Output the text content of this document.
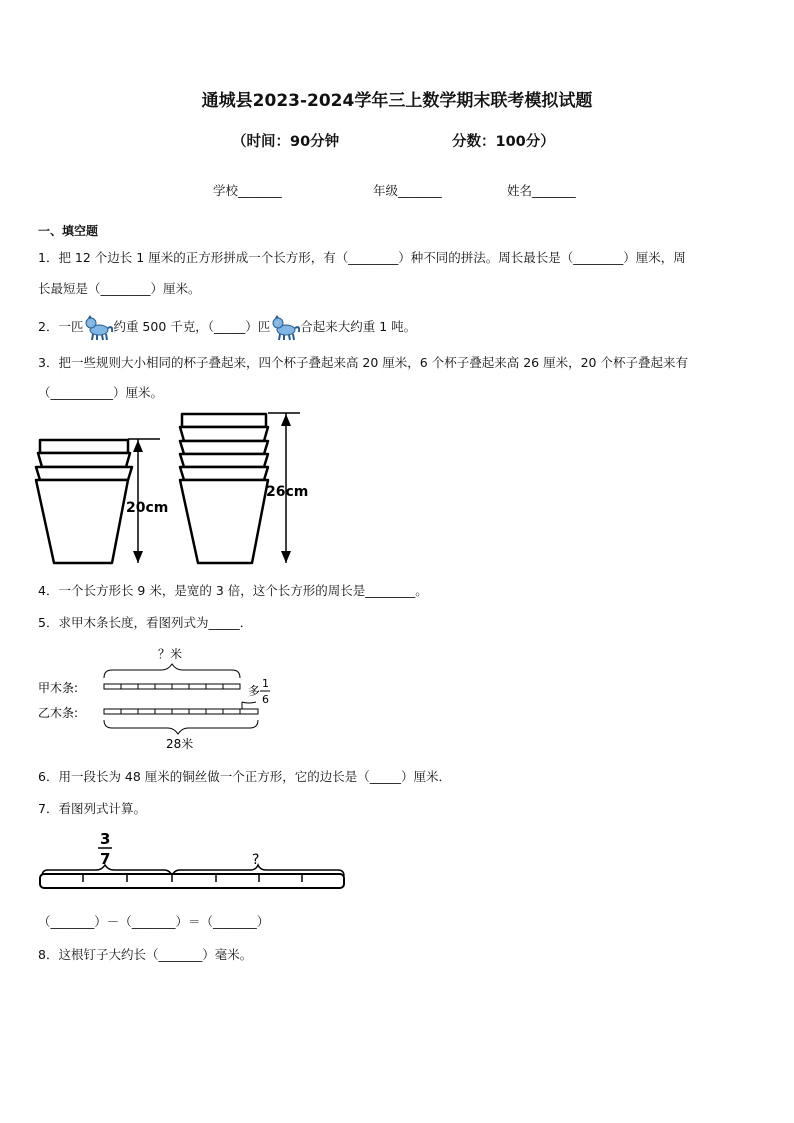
通城县2023-2024学年三上数学期末联考模拟试题
（时间：90分钟	分数：100分）
学校_______	年级_______	姓名_______
一、填空题
1．把 12 个边长 1 厘米的正方形拼成一个长方形，有（________）种不同的拼法。周长最长是（________）厘米，周
长最短是（________）厘米。
2．一匹 约重 500 千克，（_____）匹 合起来大约重 1 吨。
3．把一些规则大小相同的杯子叠起来，四个杯子叠起来高 20 厘米，6 个杯子叠起来高 26 厘米，20 个杯子叠起来有
（__________）厘米。
20cm
26cm
4．一个长方形长 9 米，是宽的 3 倍，这个长方形的周长是________。
5．求甲木条长度，看图列式为_____．
？米
甲木条:
乙木条:
多
1
6
28米
6．用一段长为 48 厘米的铜丝做一个正方形，它的边长是（_____）厘米．
7．看图列式计算。
3
7	?
（_______）－（_______）＝（_______）
8．这根钉子大约长（_______）毫米。
